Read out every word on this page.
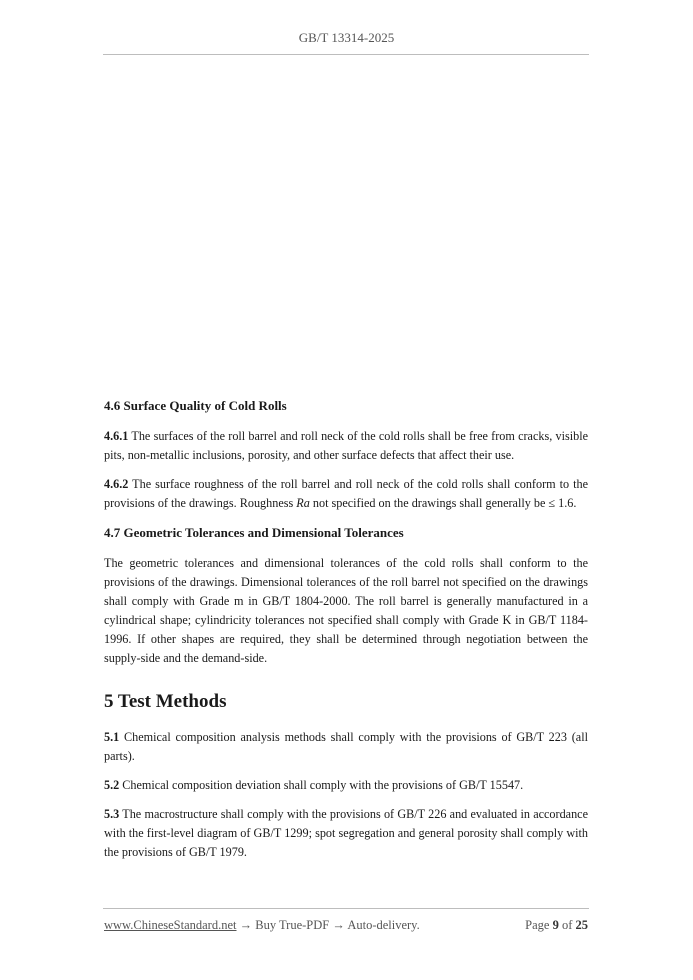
GB/T 13314-2025
4.6 Surface Quality of Cold Rolls

4.6.1 The surfaces of the roll barrel and roll neck of the cold rolls shall be free from cracks, visible pits, non-metallic inclusions, porosity, and other surface defects that affect their use.

4.6.2 The surface roughness of the roll barrel and roll neck of the cold rolls shall conform to the provisions of the drawings. Roughness Ra not specified on the drawings shall generally be ≤ 1.6.

4.7 Geometric Tolerances and Dimensional Tolerances

The geometric tolerances and dimensional tolerances of the cold rolls shall conform to the provisions of the drawings. Dimensional tolerances of the roll barrel not specified on the drawings shall comply with Grade m in GB/T 1804-2000. The roll barrel is generally manufactured in a cylindrical shape; cylindricity tolerances not specified shall comply with Grade K in GB/T 1184-1996. If other shapes are required, they shall be determined through negotiation between the supply-side and the demand-side.

5 Test Methods

5.1 Chemical composition analysis methods shall comply with the provisions of GB/T 223 (all parts).

5.2 Chemical composition deviation shall comply with the provisions of GB/T 15547.

5.3 The macrostructure shall comply with the provisions of GB/T 226 and evaluated in accordance with the first-level diagram of GB/T 1299; spot segregation and general porosity shall comply with the provisions of GB/T 1979.

www.ChineseStandard.net → Buy True-PDF → Auto-delivery.	Page 9 of 25
